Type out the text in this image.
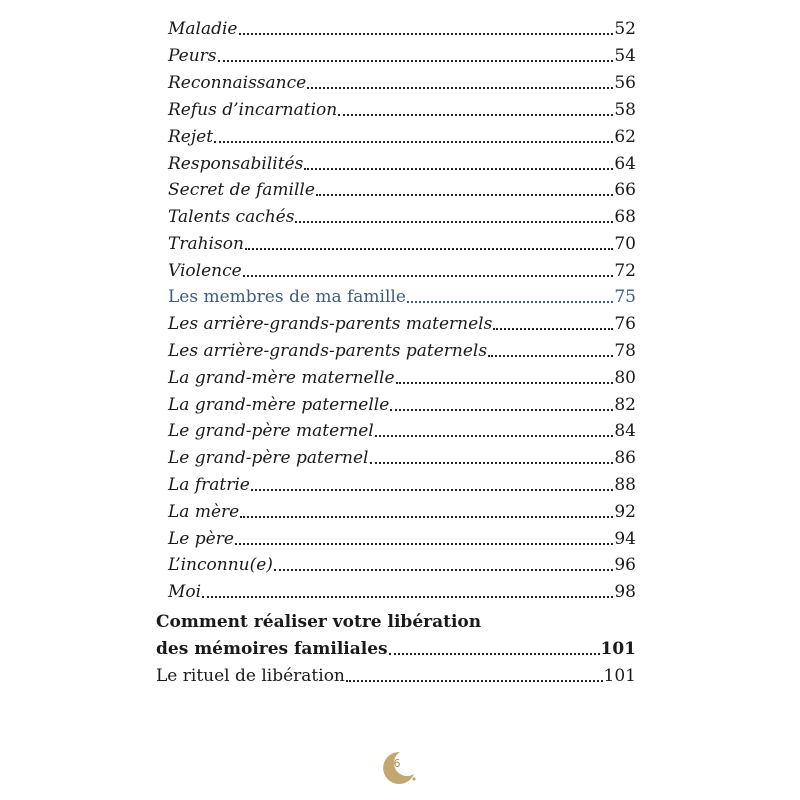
Maladie	52
Peurs	54
Reconnaissance	56
Refus d’incarnation	58
Rejet	62
Responsabilités	64
Secret de famille	66
Talents cachés	68
Trahison	70
Violence	72
Les membres de ma famille	75
Les arrière-grands-parents maternels	76
Les arrière-grands-parents paternels	78
La grand-mère maternelle	80
La grand-mère paternelle	82
Le grand-père maternel	84
Le grand-père paternel	86
La fratrie	88
La mère	92
Le père	94
L’inconnu(e)	96
Moi	98
Comment réaliser votre libération
des mémoires familiales	101
Le rituel de libération	101
6
